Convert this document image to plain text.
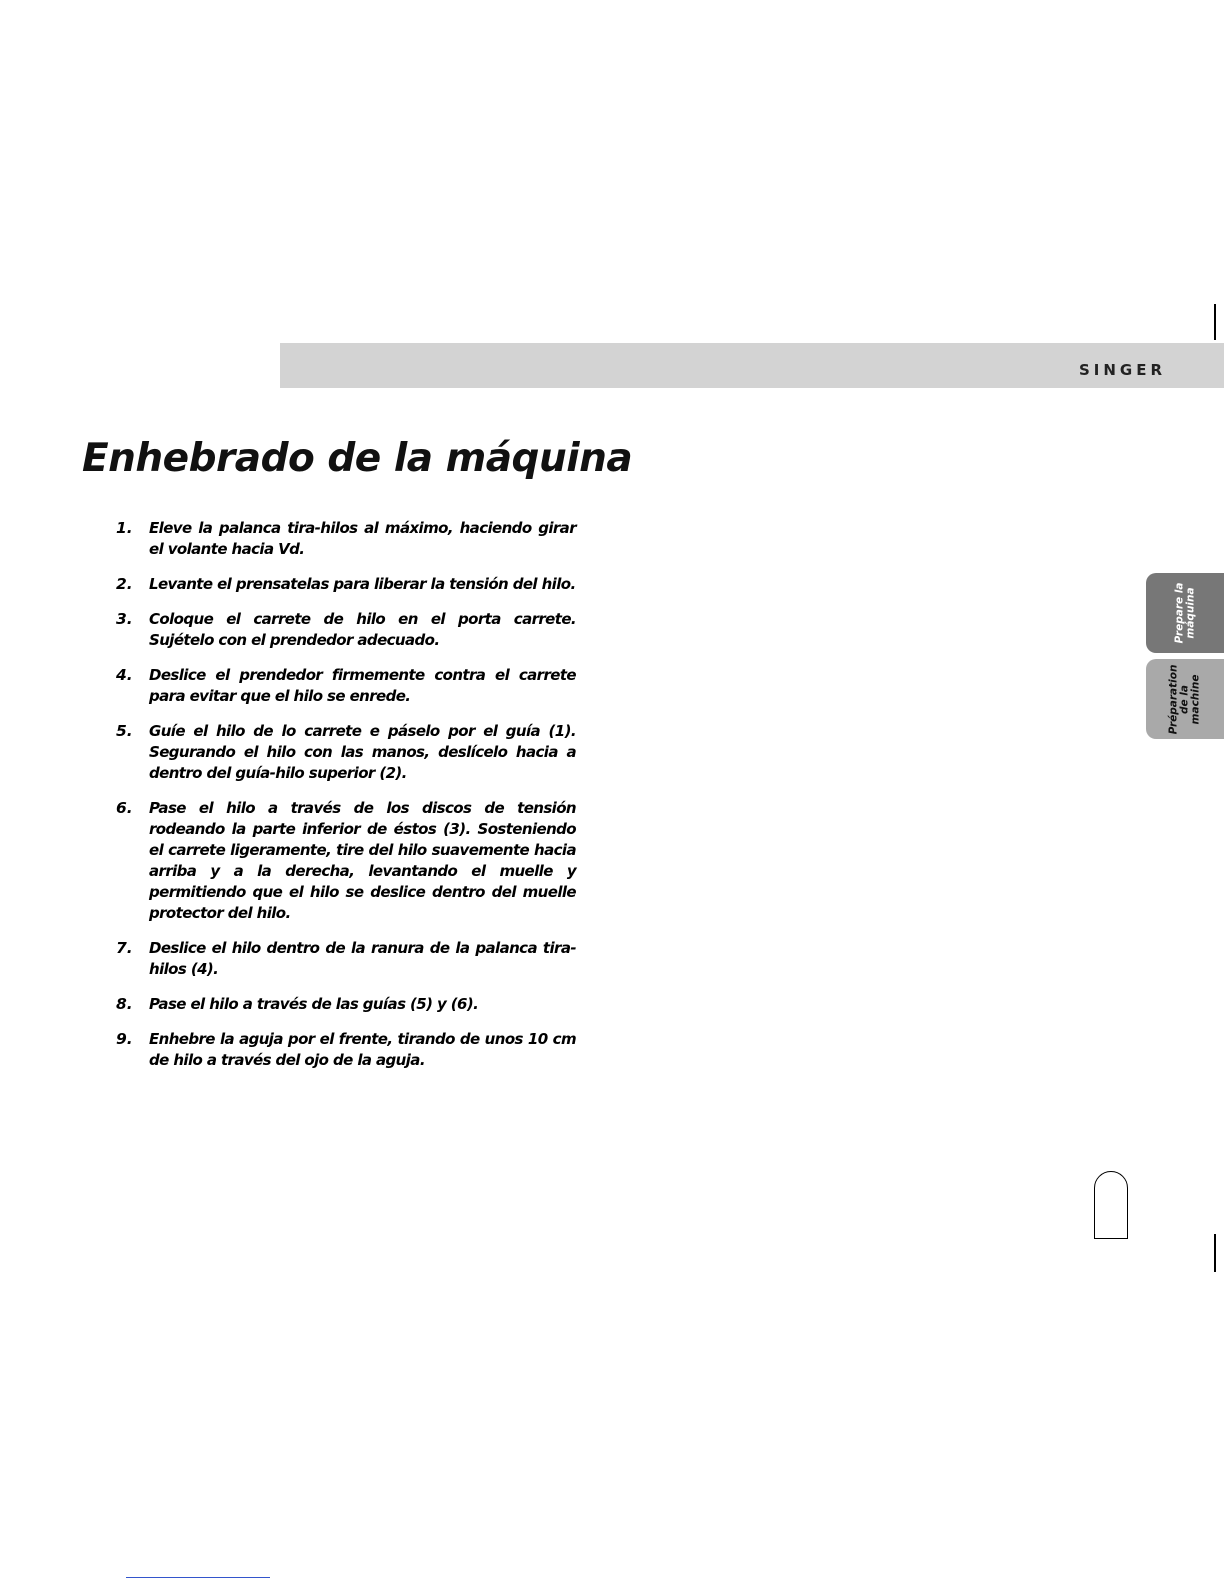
SINGER
Enhebrado de la máquina
1.	Eleve la palanca tira-hilos al máximo, haciendo girar el volante hacia Vd.
2.	Levante el prensatelas para liberar la tensión del hilo.
3.	Coloque el carrete de hilo en el porta carrete. Sujételo con el prendedor adecuado.
4.	Deslice el prendedor firmemente contra el carrete para evitar que el hilo se enrede.
5.	Guíe el hilo de lo carrete e páselo por el guía (1). Segurando el hilo con las manos, deslícelo hacia a dentro del guía-hilo superior (2).
6.	Pase el hilo a través de los discos de tensión rodeando la parte inferior de éstos (3). Sosteniendo el carrete ligeramente, tire del hilo suavemente hacia arriba y a la derecha, levantando el muelle y permitiendo que el hilo se deslice dentro del muelle protector del hilo.
7.	Deslice el hilo dentro de la ranura de la palanca tira-hilos (4).
8.	Pase el hilo a través de las guías (5) y (6).
9.	Enhebre la aguja por el frente, tirando de unos 10 cm de hilo a través del ojo de la aguja.
Prepare la
máquina
Préparation
de la
machine
